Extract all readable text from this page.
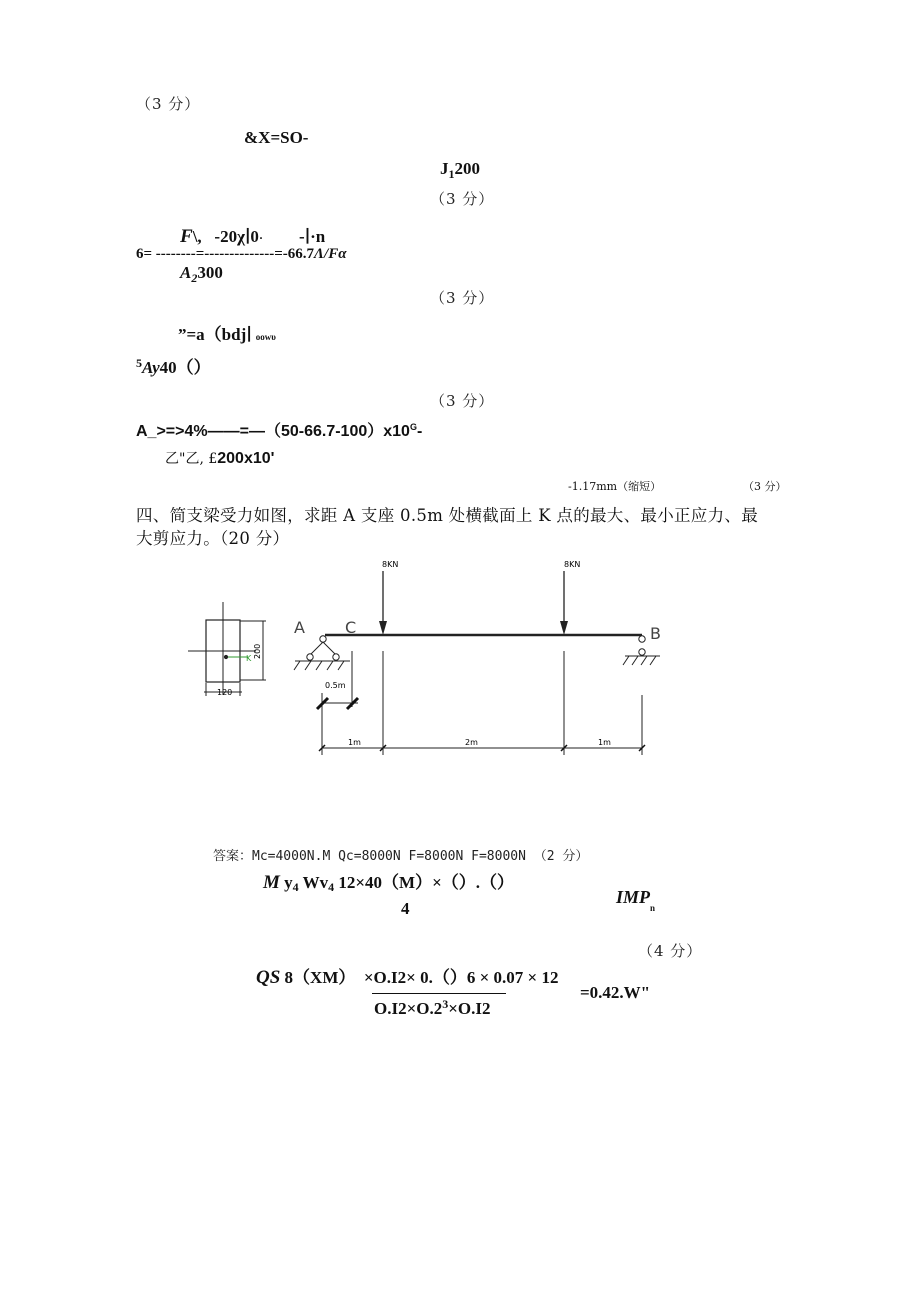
（3 分）
&X=SO-
$J_1200$
（3 分）
F\,   -20χ∣0· -∣·n
6= --------=--------------=-66.7Λ/Fα
$A_2300$
（3 分）
”=a（bdj∣ oowυ
$^5$Ay40（）
（3 分）
$A\_>=>4\%——=—(50-66.7-100)x10^G-$
乙"乙, £200x10'
-1.17mm（缩短）	（3 分）
四、简支梁受力如图，求距 A 支座 0.5m 处横截面上 K 点的最大、最小正应力、最
大剪应力。（20 分）
8KN	8KN
A	C	B
0.5m
1m	2m	1m
120
200
K
答案：Mc=4000N.M Qc=8000N F=8000N F=8000N （2 分）
M y4 Wv4 12×40（M）×（）.（）
4
$IMP_n$
（4 分）
QS 8（XM）  ×O.I2× 0.（）6 × 0.07 × 12
$O.I2\times O.2^3\times O.I2$
=0.42.W"
